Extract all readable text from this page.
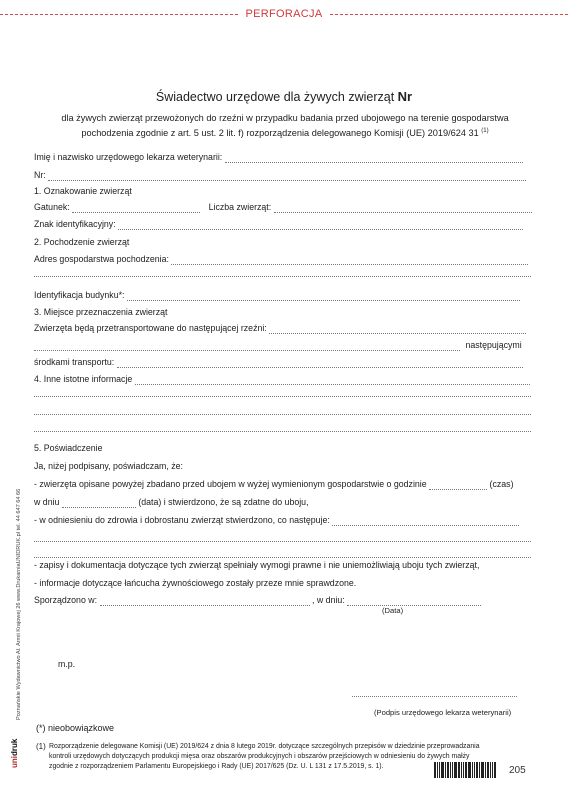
PERFORACJA
Świadectwo urzędowe dla żywych zwierząt Nr
dla żywych zwierząt przewożonych do rzeźni w przypadku badania przed ubojowego na terenie gospodarstwa
pochodzenia zgodnie z art. 5 ust. 2 lit. f) rozporządzenia delegowanego Komisji (UE) 2019/624 31 $^{(1)}$
Imię i nazwisko urzędowego lekarza weterynarii:
Nr:
1. Oznakowanie zwierząt
Gatunek:	Liczba zwierząt:
Znak identyfikacyjny:
2. Pochodzenie zwierząt
Adres gospodarstwa pochodzenia:
Identyfikacja budynku*:
3. Miejsce przeznaczenia zwierząt
Zwierzęta będą przetransportowane do następującej rzeźni:
następującymi
środkami transportu:
4. Inne istotne informacje
5. Poświadczenie
Ja, niżej podpisany, poświadczam, że:
- zwierzęta opisane powyżej zbadano przed ubojem w wyżej wymienionym gospodarstwie o godzinie	(czas)
w dniu	(data) i stwierdzono, że są zdatne do uboju,
- w odniesieniu do zdrowia i dobrostanu zwierząt stwierdzono, co następuje:
- zapisy i dokumentacja dotyczące tych zwierząt spełniały wymogi prawne i nie uniemożliwiają uboju tych zwierząt,
- informacje dotyczące łańcucha żywnościowego zostały przeze mnie sprawdzone.
Sporządzono w:	, w dniu:
(Data)
m.p.
(Podpis urzędowego lekarza weterynarii)
(*) nieobowiązkowe
(1) Rozporządzenie delegowane Komisji (UE) 2019/624 z dnia 8 lutego 2019r. dotyczące szczególnych przepisów w dziedzinie przeprowadzania
kontroli urzędowych dotyczących produkcji mięsa oraz obszarów produkcyjnych i obszarów przejściowych w odniesieniu do żywych małży
zgodnie z rozporządzeniem Parlamentu Europejskiego i Rady (UE) 2017/625 (Dz. U. L 131 z 17.5.2019, s. 1).
Poznańskie Wydawnictwo AI. Armii Krajowej 26 www.DrukarniaUNIDRUK.pl tel. 44 647 64 66
unidruk
205
